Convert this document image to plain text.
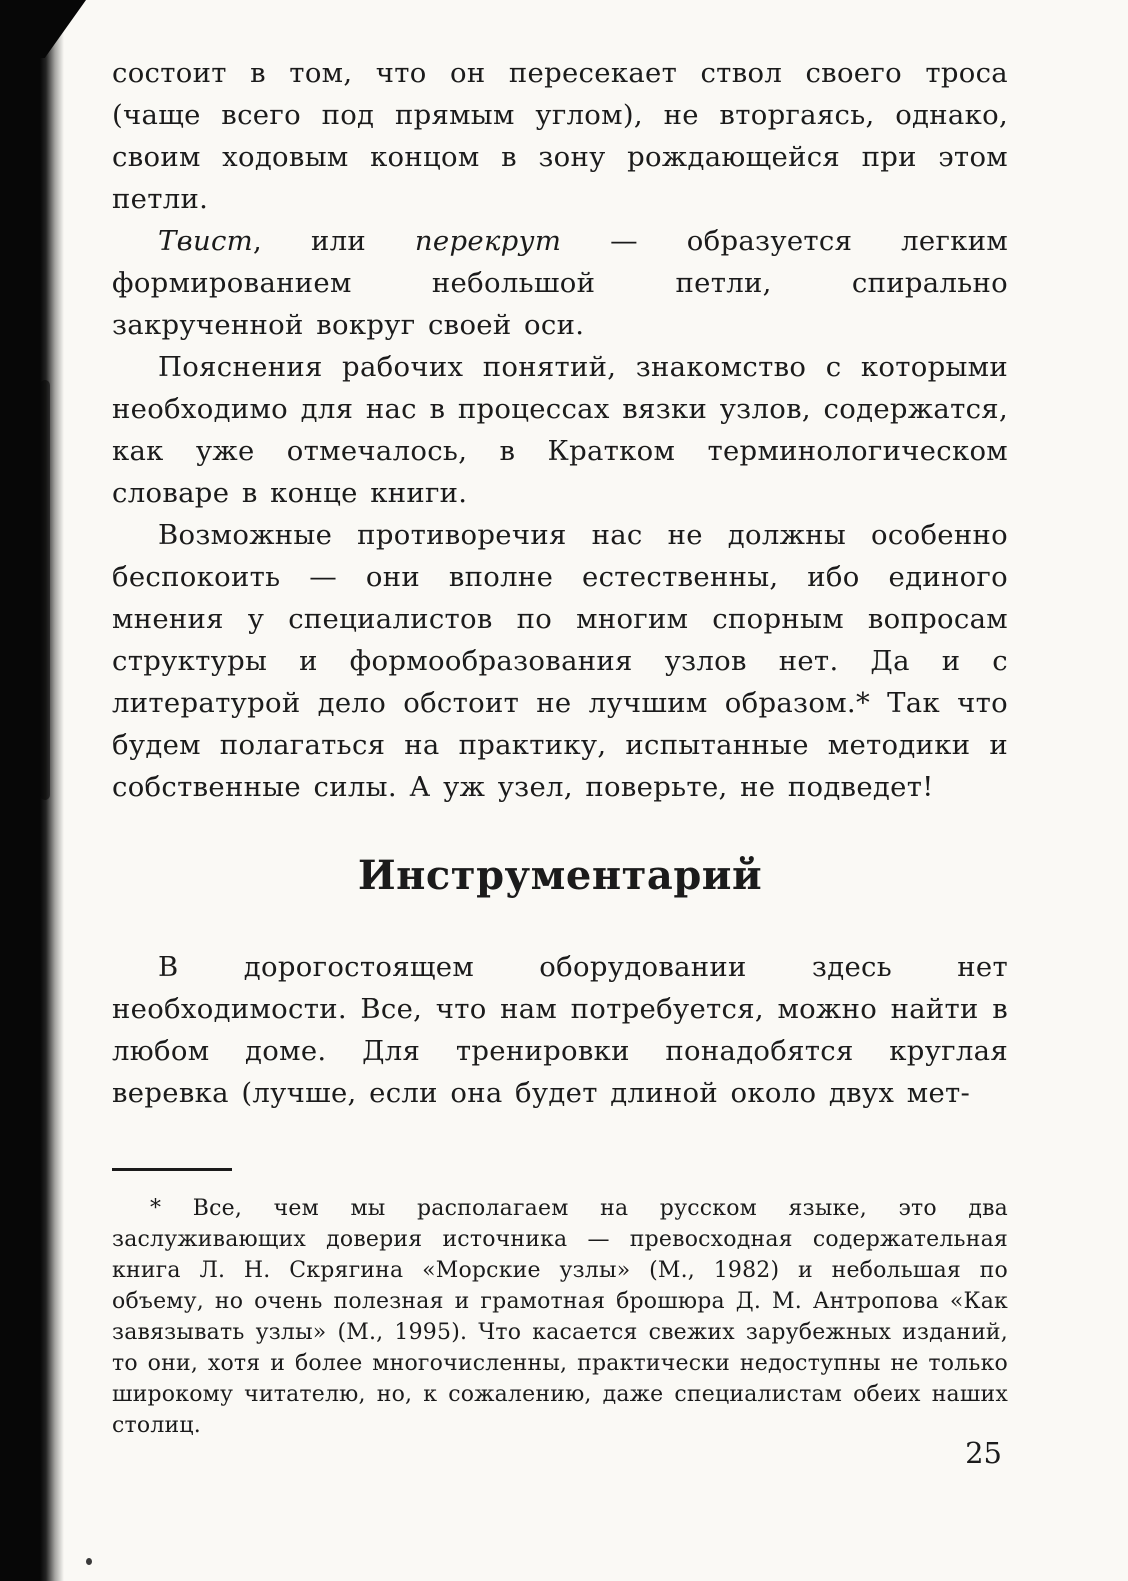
состоит в том, что он пересекает ствол своего троса (чаще всего под прямым углом), не вторгаясь, однако, своим ходовым концом в зону рождающейся при этом петли.

Твист, или перекрут — образуется легким формированием небольшой петли, спирально закрученной вокруг своей оси.

Пояснения рабочих понятий, знакомство с которыми необходимо для нас в процессах вязки узлов, содержатся, как уже отмечалось, в Кратком терминологическом словаре в конце книги.

Возможные противоречия нас не должны особенно беспокоить — они вполне естественны, ибо единого мнения у специалистов по многим спорным вопросам структуры и формообразования узлов нет. Да и с литературой дело обстоит не лучшим образом.* Так что будем полагаться на практику, испытанные методики и собственные силы. А уж узел, поверьте, не подведет!

Инструментарий

В дорогостоящем оборудовании здесь нет необходимости. Все, что нам потребуется, можно найти в любом доме. Для тренировки понадобятся круглая веревка (лучше, если она будет длиной около двух мет-

* Все, чем мы располагаем на русском языке, это два заслуживающих доверия источника — превосходная содержательная книга Л. Н. Скрягина «Морские узлы» (М., 1982) и небольшая по объему, но очень полезная и грамотная брошюра Д. М. Антропова «Как завязывать узлы» (М., 1995). Что касается свежих зарубежных изданий, то они, хотя и более многочисленны, практически недоступны не только широкому читателю, но, к сожалению, даже специалистам обеих наших столиц.

25
